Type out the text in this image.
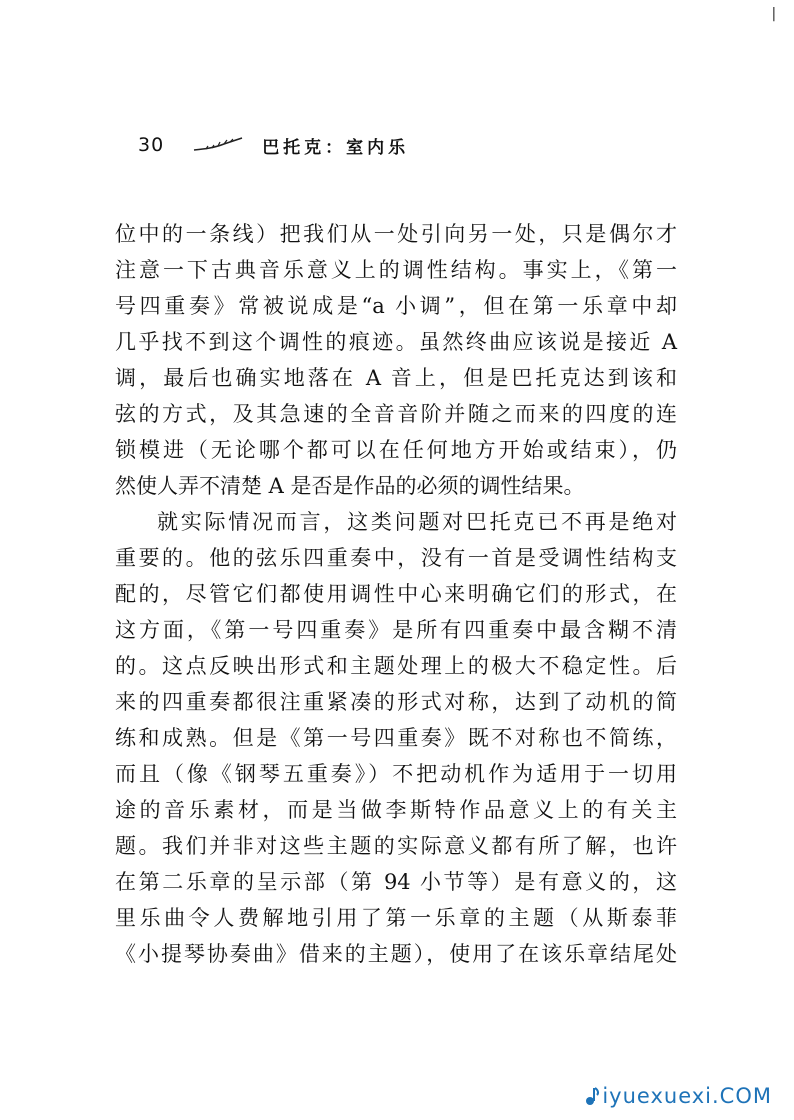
|
30	巴托克：室内乐
位中的一条线）把我们从一处引向另一处，只是偶尔才
注意一下古典音乐意义上的调性结构。事实上，《第一
号四重奏》常被说成是“a 小调”，但在第一乐章中却
几乎找不到这个调性的痕迹。虽然终曲应该说是接近 A
调，最后也确实地落在 A 音上，但是巴托克达到该和
弦的方式，及其急速的全音音阶并随之而来的四度的连
锁模进（无论哪个都可以在任何地方开始或结束），仍
然使人弄不清楚 A 是否是作品的必须的调性结果。
就实际情况而言，这类问题对巴托克已不再是绝对
重要的。他的弦乐四重奏中，没有一首是受调性结构支
配的，尽管它们都使用调性中心来明确它们的形式，在
这方面，《第一号四重奏》是所有四重奏中最含糊不清
的。这点反映出形式和主题处理上的极大不稳定性。后
来的四重奏都很注重紧凑的形式对称，达到了动机的简
练和成熟。但是《第一号四重奏》既不对称也不简练，
而且（像《钢琴五重奏》）不把动机作为适用于一切用
途的音乐素材，而是当做李斯特作品意义上的有关主
题。我们并非对这些主题的实际意义都有所了解，也许
在第二乐章的呈示部（第 94 小节等）是有意义的，这
里乐曲令人费解地引用了第一乐章的主题（从斯泰菲
《小提琴协奏曲》借来的主题），使用了在该乐章结尾处
iyuexuexi.COM
